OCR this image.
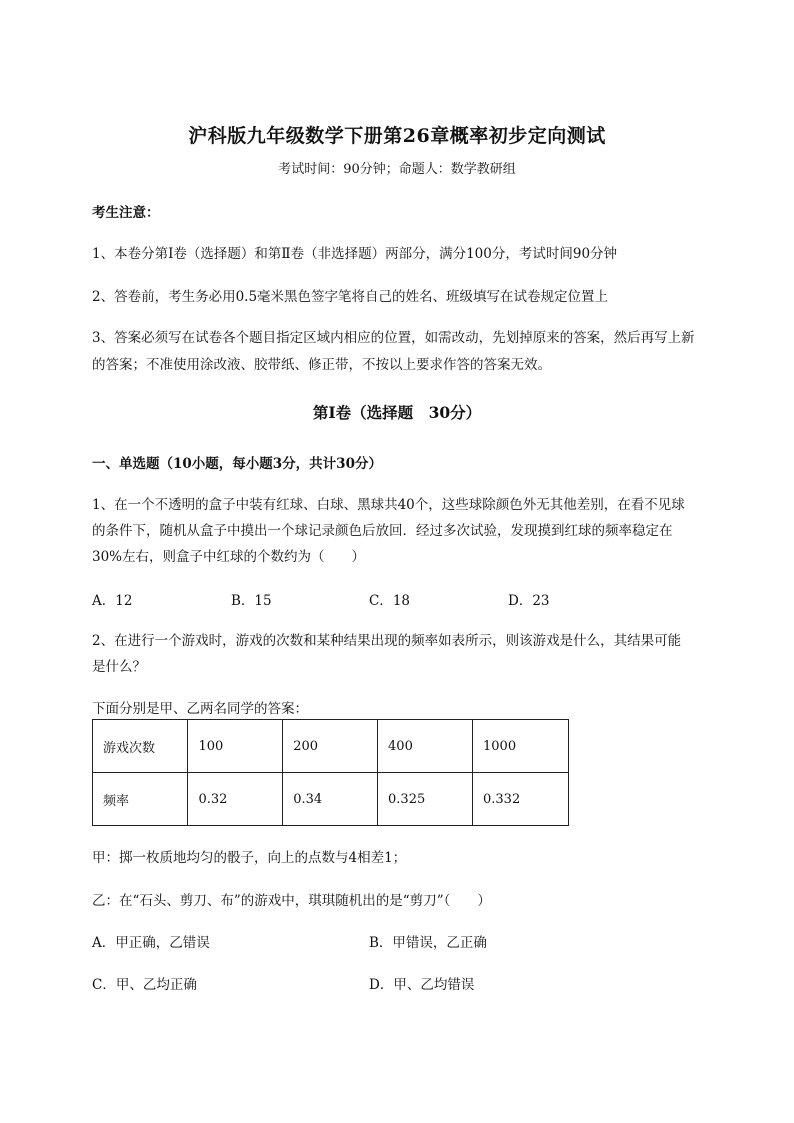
沪科版九年级数学下册第26章概率初步定向测试
考试时间：90分钟；命题人：数学教研组
考生注意：
1、本卷分第I卷（选择题）和第Ⅱ卷（非选择题）两部分，满分100分，考试时间90分钟
2、答卷前，考生务必用0.5毫米黑色签字笔将自己的姓名、班级填写在试卷规定位置上
3、答案必须写在试卷各个题目指定区域内相应的位置，如需改动，先划掉原来的答案，然后再写上新
的答案；不准使用涂改液、胶带纸、修正带，不按以上要求作答的答案无效。
第I卷（选择题　30分）
一、单选题（10小题，每小题3分，共计30分）
1、在一个不透明的盒子中装有红球、白球、黑球共40个，这些球除颜色外无其他差别，在看不见球
的条件下，随机从盒子中摸出一个球记录颜色后放回．经过多次试验，发现摸到红球的频率稳定在
30%左右，则盒子中红球的个数约为（　　）
A．12	B．15	C．18	D．23
2、在进行一个游戏时，游戏的次数和某种结果出现的频率如表所示，则该游戏是什么，其结果可能
是什么？
下面分别是甲、乙两名同学的答案：
游戏次数	100	200	400	1000
频率	0.32	0.34	0.325	0.332
甲：掷一枚质地均匀的骰子，向上的点数与4相差1；
乙：在“石头、剪刀、布”的游戏中，琪琪随机出的是“剪刀”（　　）
A．甲正确，乙错误	B．甲错误，乙正确
C．甲、乙均正确	D．甲、乙均错误
